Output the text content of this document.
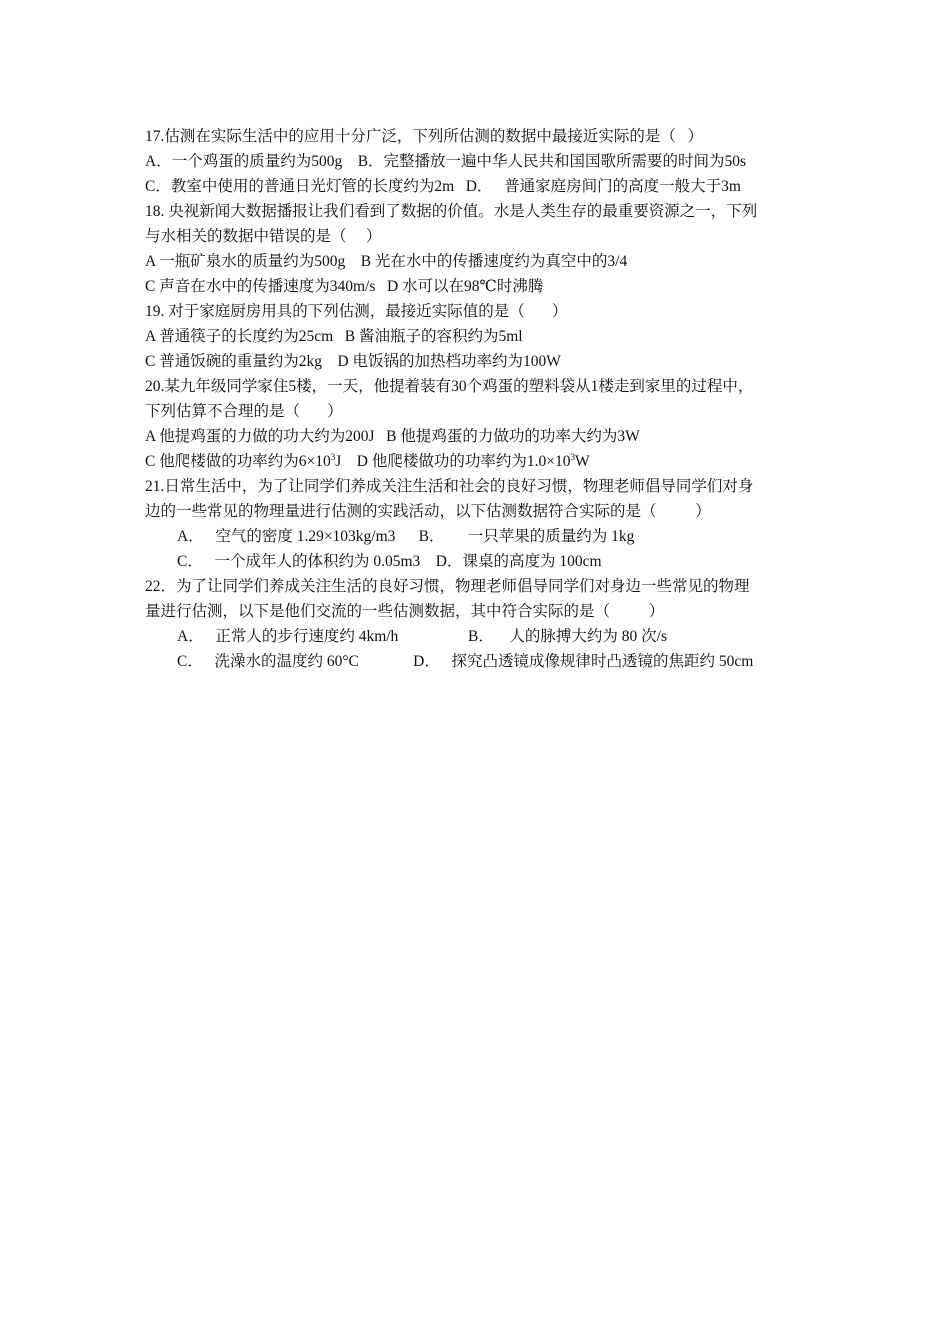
17.估测在实际生活中的应用十分广泛，下列所估测的数据中最接近实际的是（   ）
A．一个鸡蛋的质量约为500g    B．完整播放一遍中华人民共和国国歌所需要的时间为50s
C．教室中使用的普通日光灯管的长度约为2m   D．   普通家庭房间门的高度一般大于3m
18. 央视新闻大数据播报让我们看到了数据的价值。水是人类生存的最重要资源之一，下列
与水相关的数据中错误的是（     ）
A 一瓶矿泉水的质量约为500g    B 光在水中的传播速度约为真空中的3/4
C 声音在水中的传播速度为340m/s   D 水可以在98℃时沸腾
19. 对于家庭厨房用具的下列估测，最接近实际值的是（       ）
A 普通筷子的长度约为25cm   B 酱油瓶子的容积约为5ml
C 普通饭碗的重量约为2kg    D 电饭锅的加热档功率约为100W
20.某九年级同学家住5楼，一天，他提着装有30个鸡蛋的塑料袋从1楼走到家里的过程中，
下列估算不合理的是（       ）
A 他提鸡蛋的力做的功大约为200J   B 他提鸡蛋的力做功的功率大约为3W
C 他爬楼做的功率约为$6\times 10^3J$    D 他爬楼做功的功率约为$1.0\times 10^3W$
21.日常生活中，为了让同学们养成关注生活和社会的良好习惯，物理老师倡导同学们对身
边的一些常见的物理量进行估测的实践活动，以下估测数据符合实际的是（          ）
A．   空气的密度 1.29×103kg/m3      B．      一只苹果的质量约为 1kg
C．   一个成年人的体积约为 0.05m3    D．课桌的高度为 100cm
22．为了让同学们养成关注生活的良好习惯，物理老师倡导同学们对身边一些常见的物理
量进行估测，以下是他们交流的一些估测数据，其中符合实际的是（          ）
A．   正常人的步行速度约 4km/h                  B．    人的脉搏大约为 80 次/s
C．   洗澡水的温度约 60°C              D．   探究凸透镜成像规律时凸透镜的焦距约 50cm
